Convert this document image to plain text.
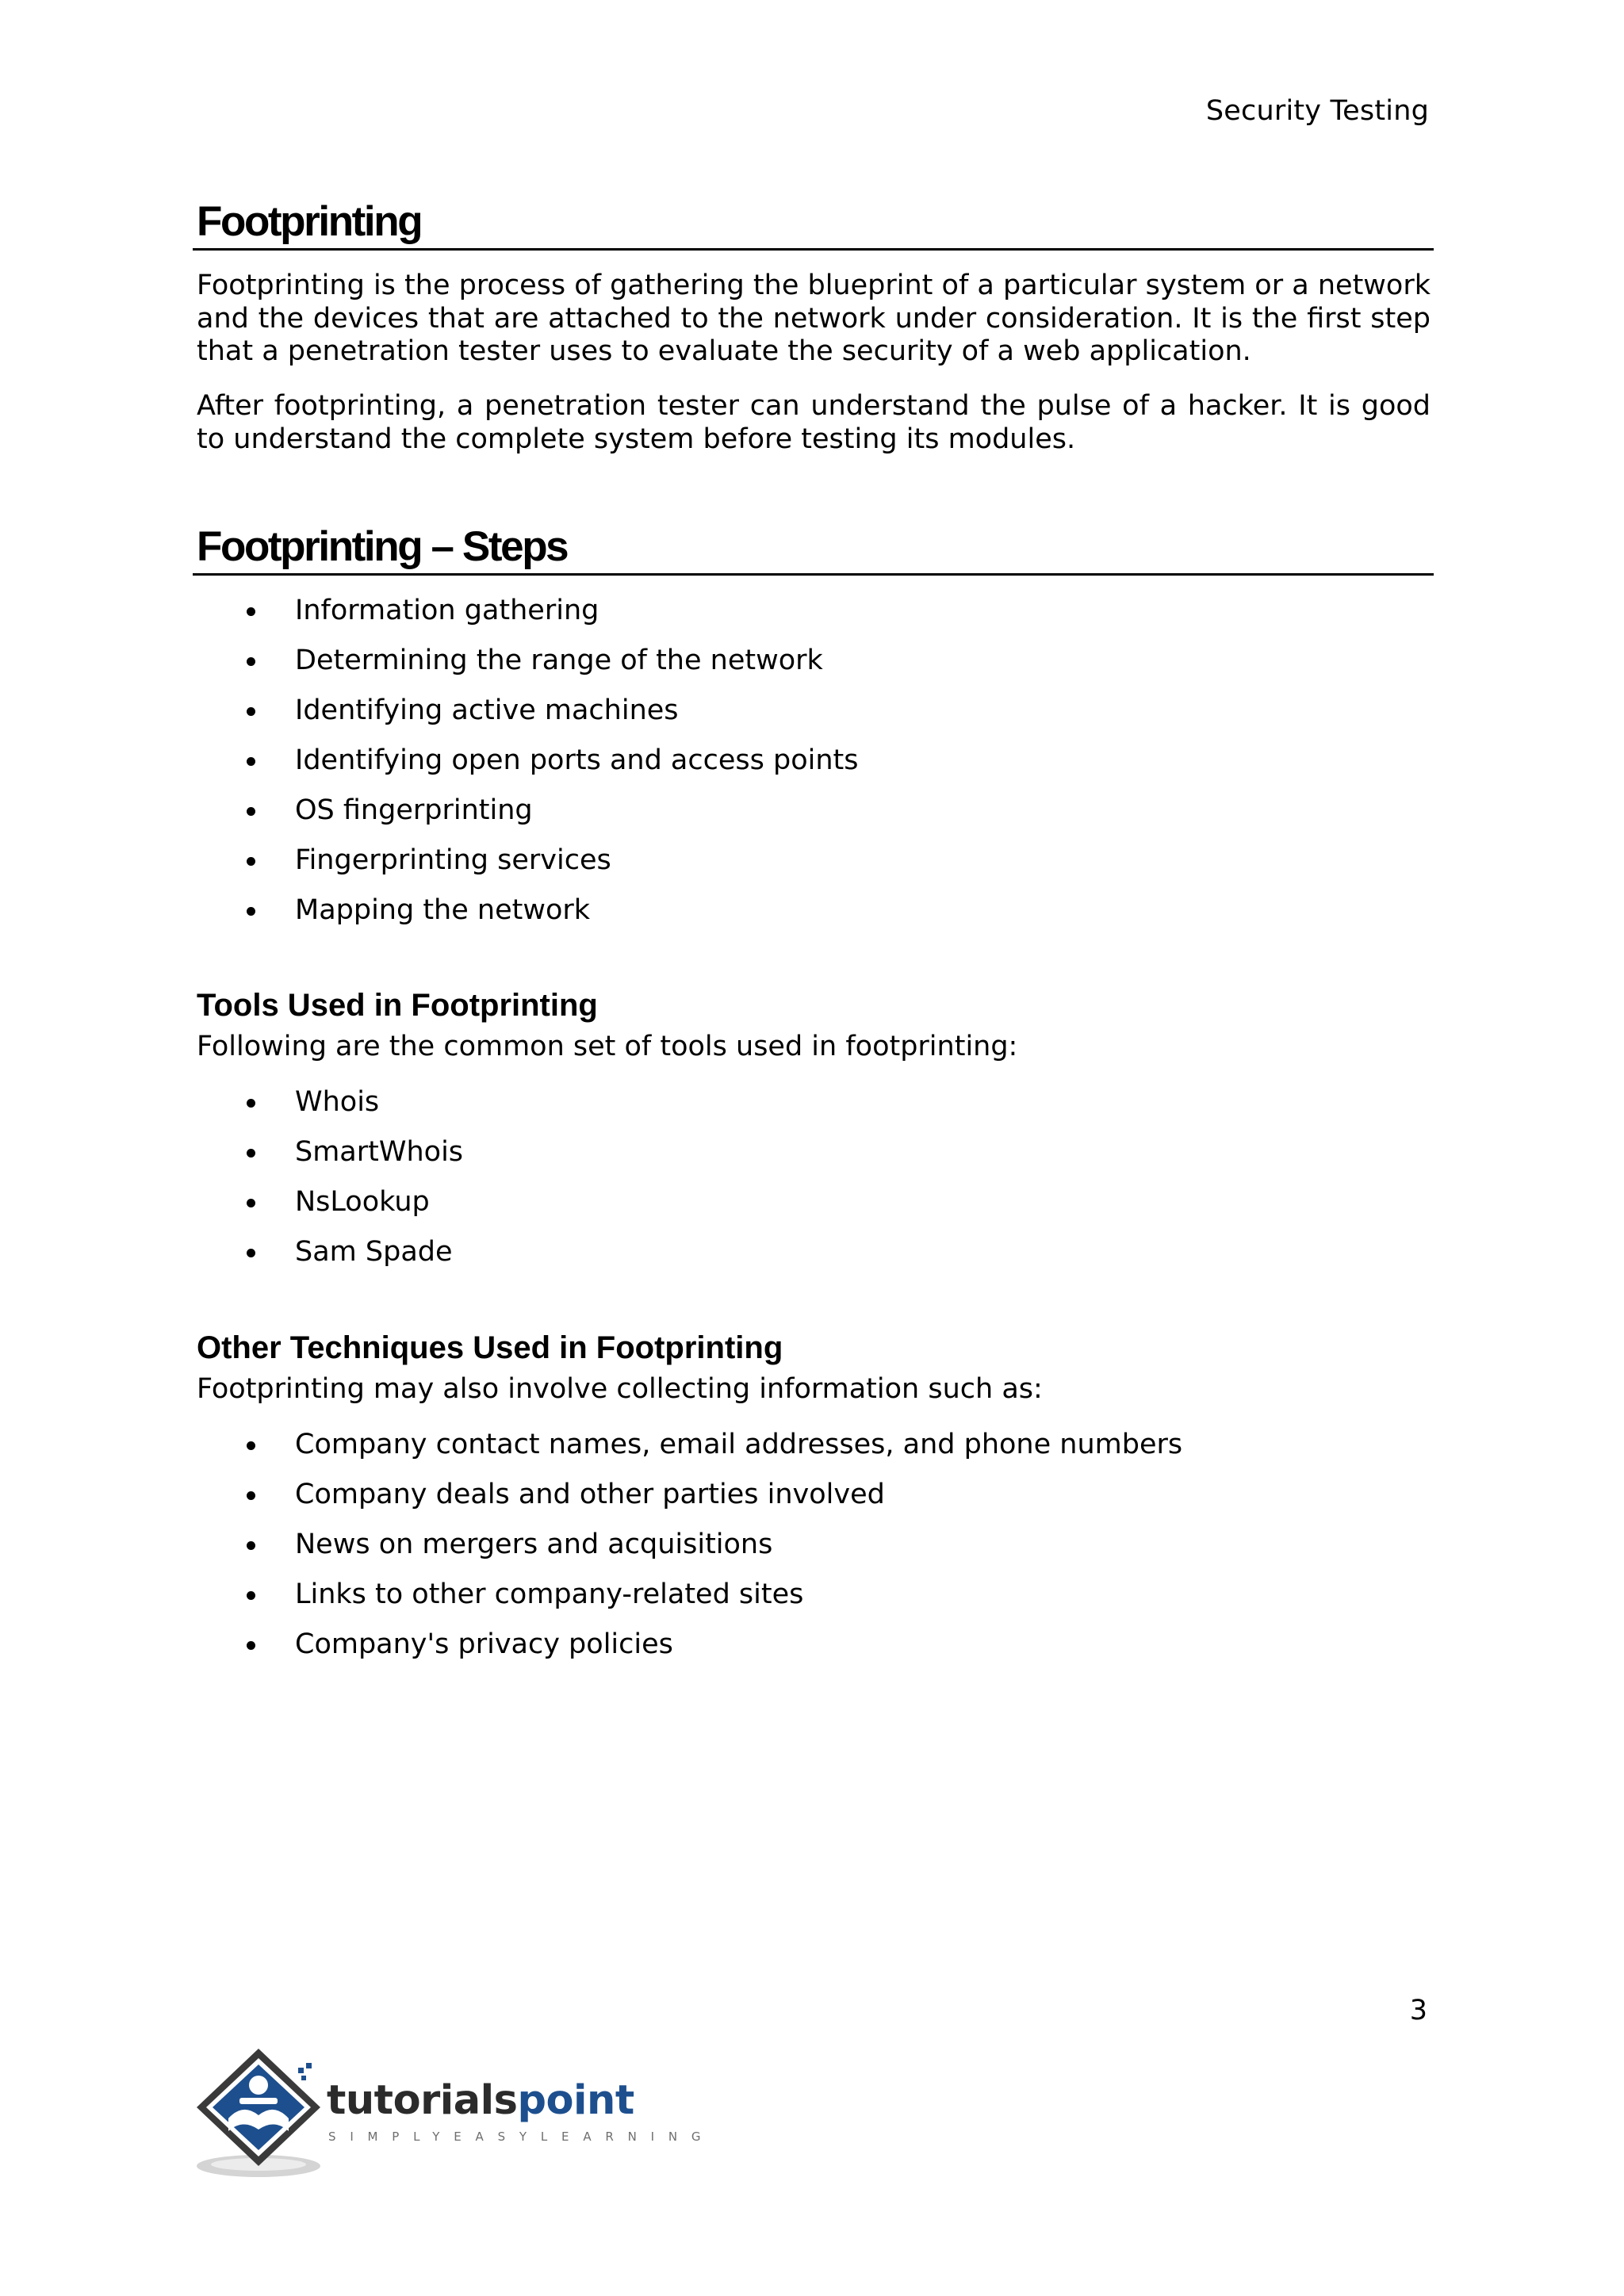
Security Testing
Footprinting
Footprinting is the process of gathering the blueprint of a particular system or a network and the devices that are attached to the network under consideration. It is the first step that a penetration tester uses to evaluate the security of a web application.
After footprinting, a penetration tester can understand the pulse of a hacker. It is good to understand the complete system before testing its modules.
Footprinting – Steps
Information gathering
Determining the range of the network
Identifying active machines
Identifying open ports and access points
OS fingerprinting
Fingerprinting services
Mapping the network
Tools Used in Footprinting
Following are the common set of tools used in footprinting:
Whois
SmartWhois
NsLookup
Sam Spade
Other Techniques Used in Footprinting
Footprinting may also involve collecting information such as:
Company contact names, email addresses, and phone numbers
Company deals and other parties involved
News on mergers and acquisitions
Links to other company-related sites
Company's privacy policies
3
tutorialspoint
SIMPLYEASYLEARNING
